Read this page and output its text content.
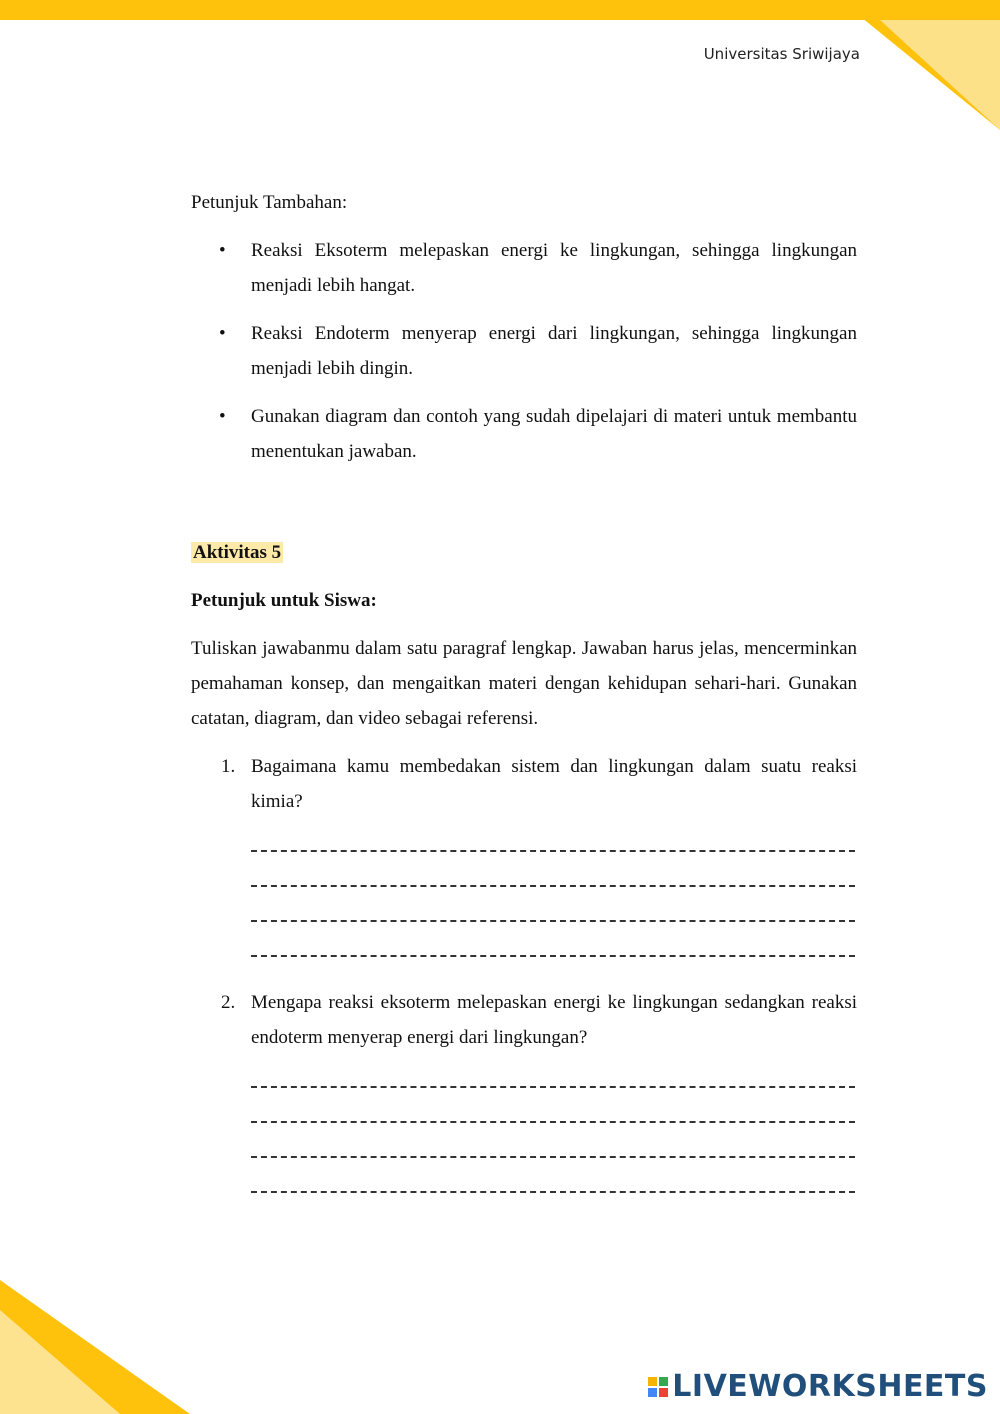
Universitas Sriwijaya

Petunjuk Tambahan:

• Reaksi Eksoterm melepaskan energi ke lingkungan, sehingga lingkungan menjadi lebih hangat.
• Reaksi Endoterm menyerap energi dari lingkungan, sehingga lingkungan menjadi lebih dingin.
• Gunakan diagram dan contoh yang sudah dipelajari di materi untuk membantu menentukan jawaban.
Aktivitas 5

Petunjuk untuk Siswa:

Tuliskan jawabanmu dalam satu paragraf lengkap. Jawaban harus jelas, mencerminkan pemahaman konsep, dan mengaitkan materi dengan kehidupan sehari-hari. Gunakan catatan, diagram, dan video sebagai referensi.

1. Bagaimana kamu membedakan sistem dan lingkungan dalam suatu reaksi kimia?
2. Mengapa reaksi eksoterm melepaskan energi ke lingkungan sedangkan reaksi endoterm menyerap energi dari lingkungan?
LIVEWORKSHEETS
